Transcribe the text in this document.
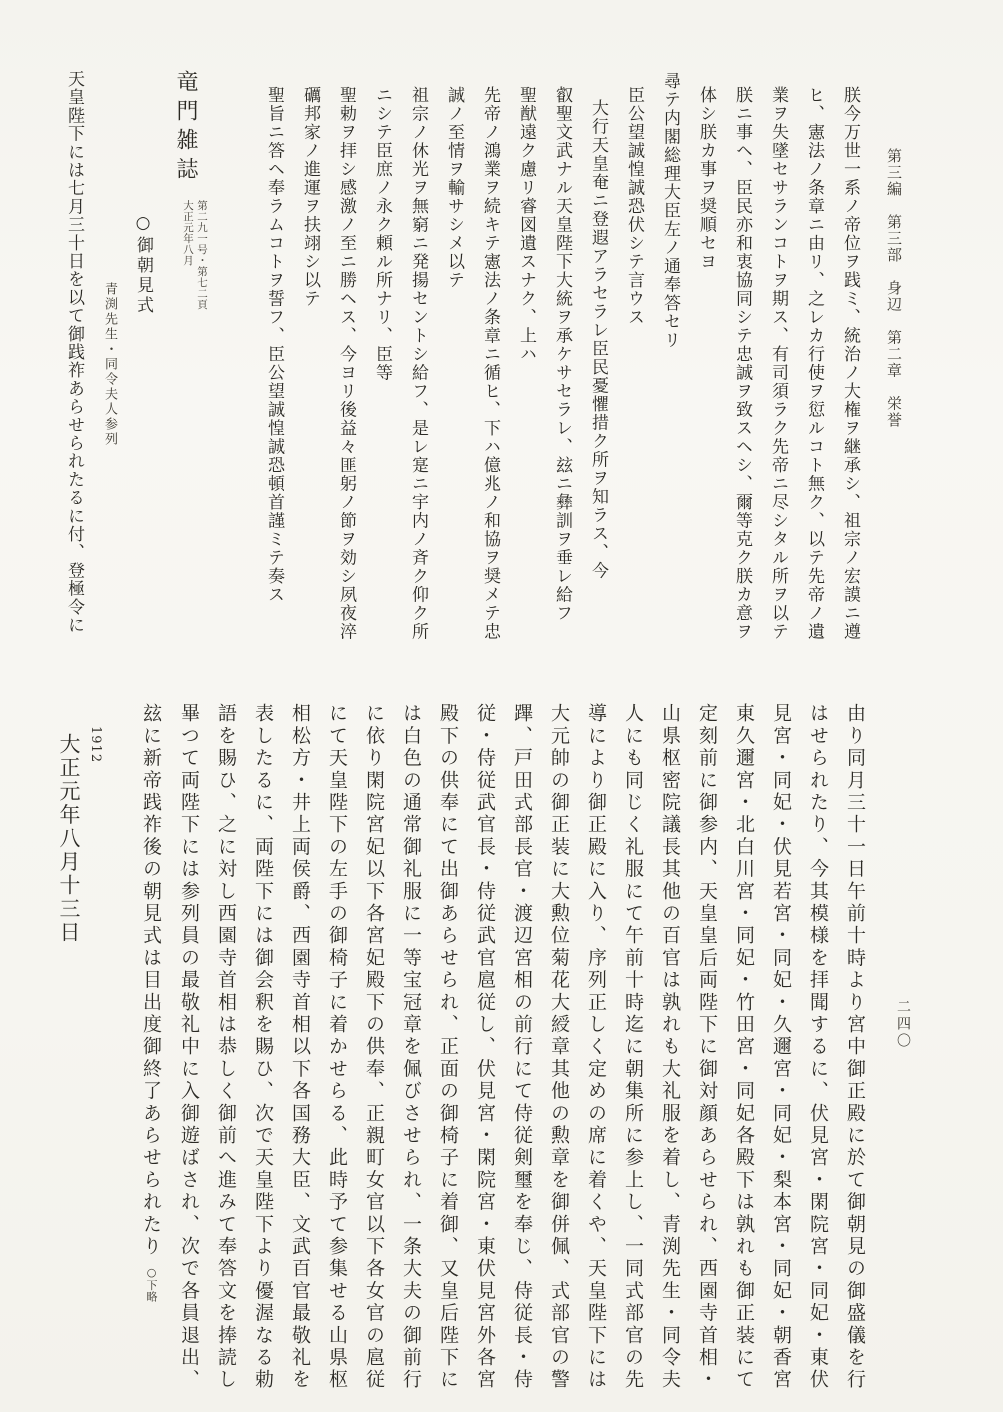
第三編　第三部　身辺　第二章　栄誉
二四〇
朕今万世一系ノ帝位ヲ践ミ、統治ノ大権ヲ継承シ、祖宗ノ宏謨ニ遵
ヒ、憲法ノ条章ニ由リ、之レカ行使ヲ愆ルコト無ク、以テ先帝ノ遺
業ヲ失墜セサランコトヲ期ス、有司須ラク先帝ニ尽シタル所ヲ以テ
朕ニ事ヘ、臣民亦和衷協同シテ忠誠ヲ致スヘシ、爾等克ク朕カ意ヲ
体シ朕カ事ヲ奨順セヨ
尋テ内閣総理大臣左ノ通奉答セリ
臣公望誠惶誠恐伏シテ言ウス
大行天皇奄ニ登遐アラセラレ臣民憂懼措ク所ヲ知ラス、今
叡聖文武ナル天皇陛下大統ヲ承ケサセラレ、玆ニ彝訓ヲ垂レ給フ
聖猷遠ク慮リ睿図遺スナク、上ハ
先帝ノ鴻業ヲ続キテ憲法ノ条章ニ循ヒ、下ハ億兆ノ和協ヲ奨メテ忠
誠ノ至情ヲ輸サシメ以テ
祖宗ノ休光ヲ無窮ニ発揚セントシ給フ、是レ寔ニ宇内ノ斉ク仰ク所
ニシテ臣庶ノ永ク頼ル所ナリ、臣等
聖勅ヲ拝シ感激ノ至ニ勝ヘス、今ヨリ後益々匪躬ノ節ヲ効シ夙夜淬
礪邦家ノ進運ヲ扶翊シ以テ
聖旨ニ答ヘ奉ラムコトヲ誓フ、臣公望誠惶誠恐頓首謹ミテ奏ス
竜門雑誌
第二九一号・第七二頁
大正元年八月
○御朝見式
青渕先生・同令夫人参列
天皇陛下には七月三十日を以て御践祚あらせられたるに付、登極令に
由り同月三十一日午前十時より宮中御正殿に於て御朝見の御盛儀を行
はせられたり、今其模様を拝聞するに、伏見宮・閑院宮・同妃・東伏
見宮・同妃・伏見若宮・同妃・久邇宮・同妃・梨本宮・同妃・朝香宮
東久邇宮・北白川宮・同妃・竹田宮・同妃各殿下は孰れも御正装にて
定刻前に御参内、天皇皇后両陛下に御対顔あらせられ、西園寺首相・
山県枢密院議長其他の百官は孰れも大礼服を着し、青渕先生・同令夫
人にも同じく礼服にて午前十時迄に朝集所に参上し、一同式部官の先
導により御正殿に入り、序列正しく定めの席に着くや、天皇陛下には
大元帥の御正装に大勲位菊花大綬章其他の勲章を御併佩、式部官の警
蹕、戸田式部長官・渡辺宮相の前行にて侍従剣璽を奉じ、侍従長・侍
従・侍従武官長・侍従武官扈従し、伏見宮・閑院宮・東伏見宮外各宮
殿下の供奉にて出御あらせられ、正面の御椅子に着御、又皇后陛下に
は白色の通常御礼服に一等宝冠章を佩びさせられ、一条大夫の御前行
に依り閑院宮妃以下各宮妃殿下の供奉、正親町女官以下各女官の扈従
にて天皇陛下の左手の御椅子に着かせらる、此時予て参集せる山県枢
相松方・井上両侯爵、西園寺首相以下各国務大臣、文武百官最敬礼を
表したるに、両陛下には御会釈を賜ひ、次で天皇陛下より優渥なる勅
語を賜ひ、之に対し西園寺首相は恭しく御前へ進みて奉答文を捧読し
畢つて両陛下には参列員の最敬礼中に入御遊ばされ、次で各員退出、
玆に新帝践祚後の朝見式は目出度御終了あらせられたり○下略
1912
大正元年八月十三日
